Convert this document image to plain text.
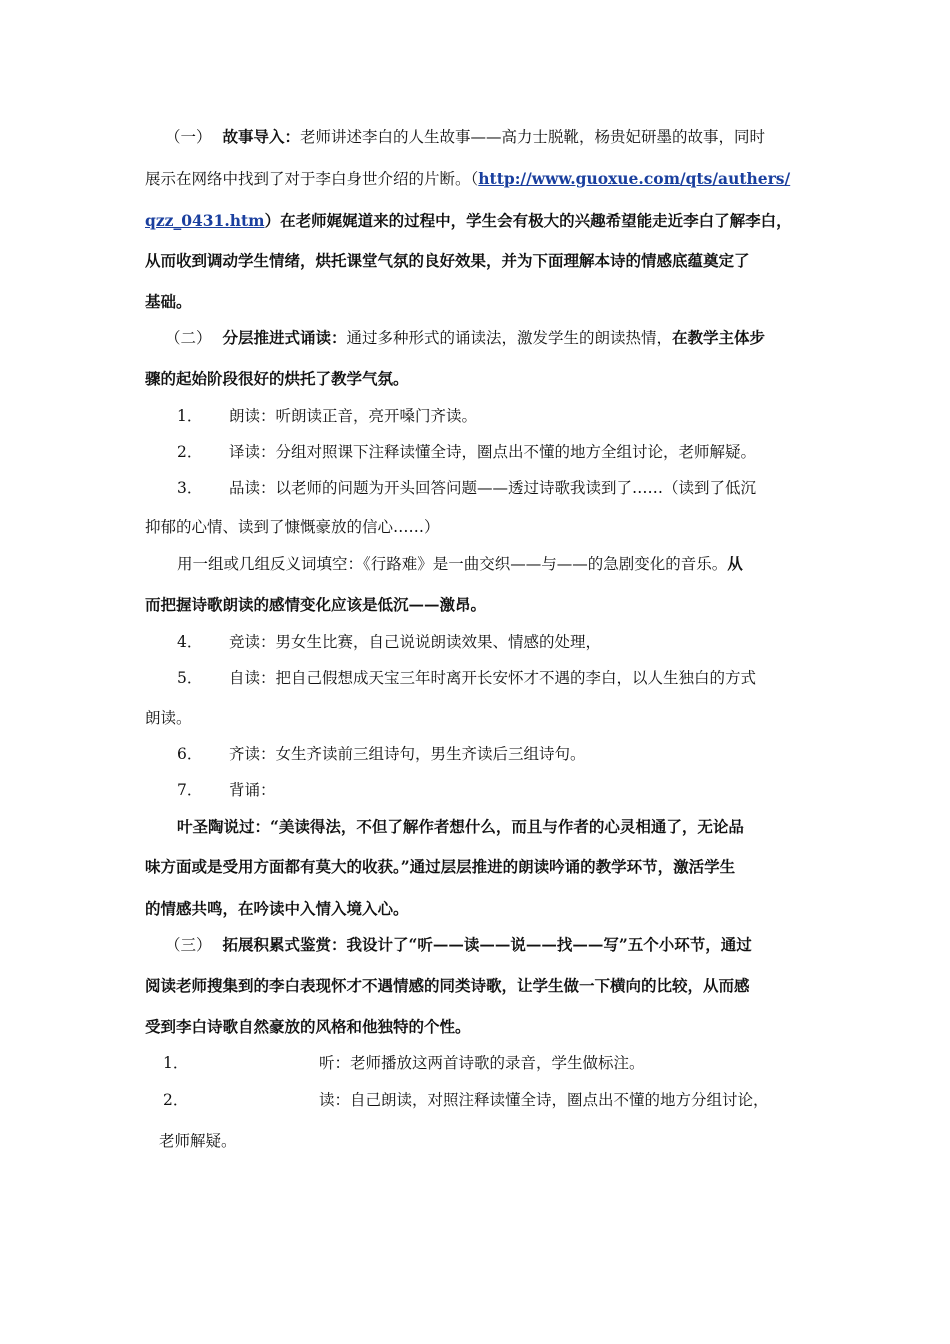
（一） 故事导入：老师讲述李白的人生故事——高力士脱靴，杨贵妃研墨的故事，同时
展示在网络中找到了对于李白身世介绍的片断。（http://www.guoxue.com/qts/authers/
qzz_0431.htm）在老师娓娓道来的过程中，学生会有极大的兴趣希望能走近李白了解李白，
从而收到调动学生情绪，烘托课堂气氛的良好效果，并为下面理解本诗的情感底蕴奠定了
基础。
（二） 分层推进式诵读：通过多种形式的诵读法，激发学生的朗读热情，在教学主体步
骤的起始阶段很好的烘托了教学气氛。
1． 朗读：听朗读正音，亮开嗓门齐读。
2． 译读：分组对照课下注释读懂全诗，圈点出不懂的地方全组讨论，老师解疑。
3． 品读：以老师的问题为开头回答问题——透过诗歌我读到了……（读到了低沉
抑郁的心情、读到了慷慨豪放的信心……）
用一组或几组反义词填空：《行路难》是一曲交织——与——的急剧变化的音乐。从
而把握诗歌朗读的感情变化应该是低沉——激昂。
4． 竞读：男女生比赛，自己说说朗读效果、情感的处理，
5． 自读：把自己假想成天宝三年时离开长安怀才不遇的李白，以人生独白的方式
朗读。
6． 齐读：女生齐读前三组诗句，男生齐读后三组诗句。
7． 背诵：
叶圣陶说过：“美读得法，不但了解作者想什么，而且与作者的心灵相通了，无论品
味方面或是受用方面都有莫大的收获。”通过层层推进的朗读吟诵的教学环节，激活学生
的情感共鸣，在吟读中入情入境入心。
（三） 拓展积累式鉴赏：我设计了“听——读——说——找——写”五个小环节，通过
阅读老师搜集到的李白表现怀才不遇情感的同类诗歌，让学生做一下横向的比较，从而感
受到李白诗歌自然豪放的风格和他独特的个性。
1．	听：老师播放这两首诗歌的录音，学生做标注。
2．	读：自己朗读，对照注释读懂全诗，圈点出不懂的地方分组讨论，
老师解疑。
